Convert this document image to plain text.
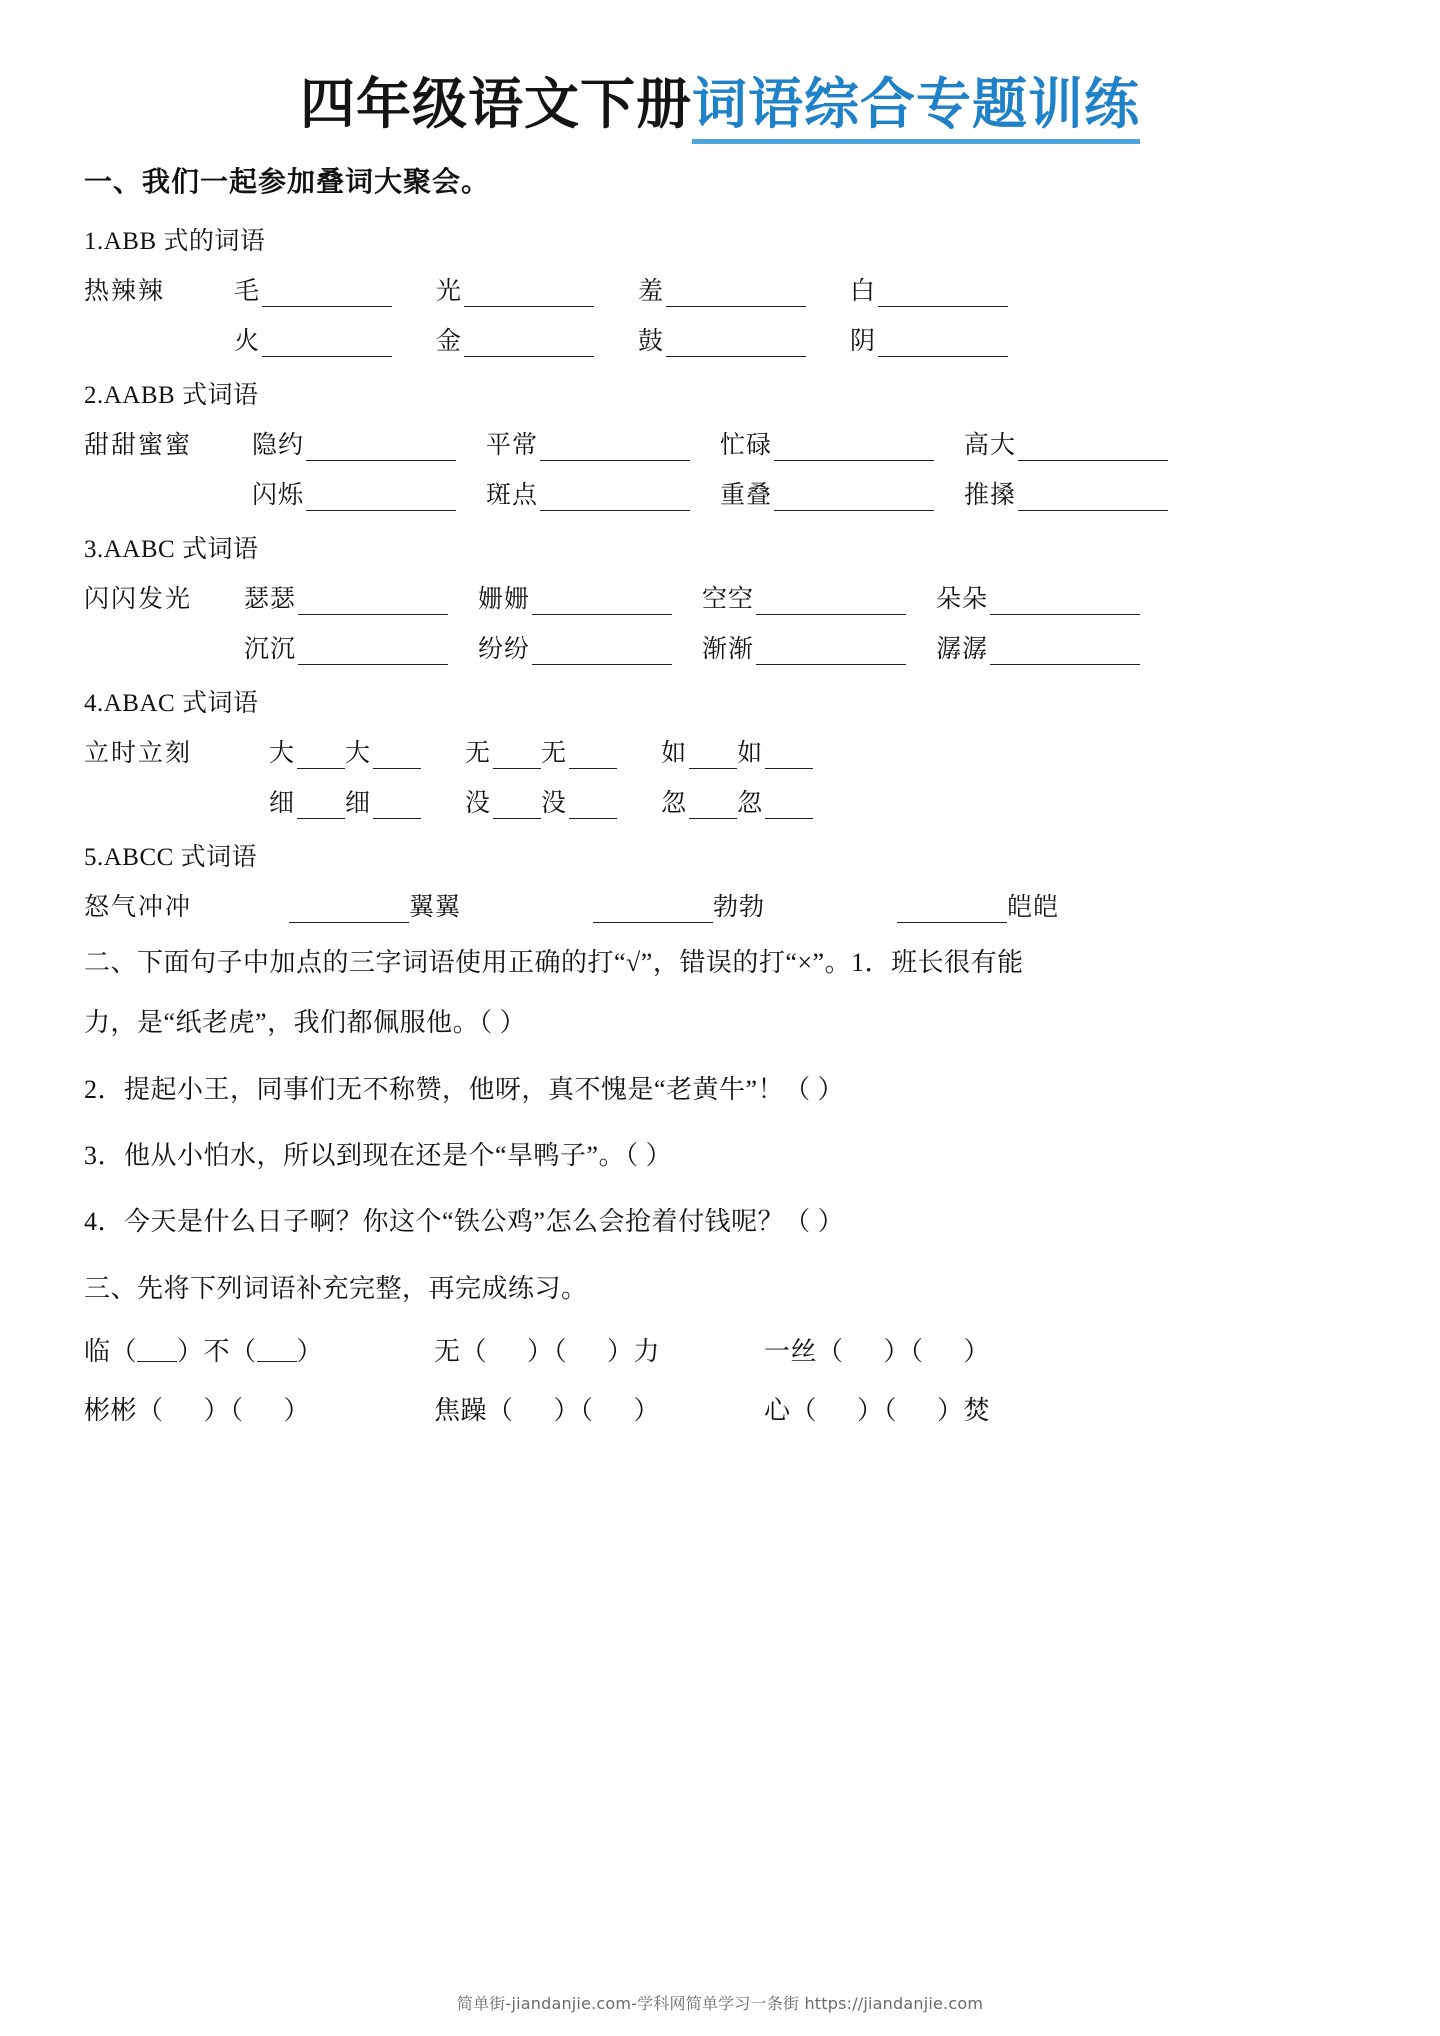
四年级语文下册词语综合专题训练
一、我们一起参加叠词大聚会。
1.ABB 式的词语
热辣辣	毛	光	羞	白
火	金	鼓	阴
2.AABB 式词语
甜甜蜜蜜	隐约	平常	忙碌	高大
闪烁	斑点	重叠	推搡
3.AABC 式词语
闪闪发光	瑟瑟	姗姗	空空	朵朵
沉沉	纷纷	渐渐	潺潺
4.ABAC 式词语
立时立刻	大 大	无 无	如 如
细 细	没 没	忽 忽
5.ABCC 式词语
怒气冲冲	翼翼	勃勃	皑皑
二、下面句子中加点的三字词语使用正确的打“√”，错误的打“×”。1．班长很有能
力，是“纸老虎”，我们都佩服他。（ ）
2．提起小王，同事们无不称赞，他呀，真不愧是“老黄牛”！（ ）
3．他从小怕水，所以到现在还是个“旱鸭子”。（ ）
4．今天是什么日子啊？你这个“铁公鸡”怎么会抢着付钱呢？（ ）
三、先将下列词语补充完整，再完成练习。
临（ ）不（ ）	无（ ）（ ）力	一丝（ ）（ ）
彬彬（ ）（ ）	焦躁（ ）（ ）	心（ ）（ ）焚
简单街-jiandanjie.com-学科网简单学习一条街 https://jiandanjie.com
